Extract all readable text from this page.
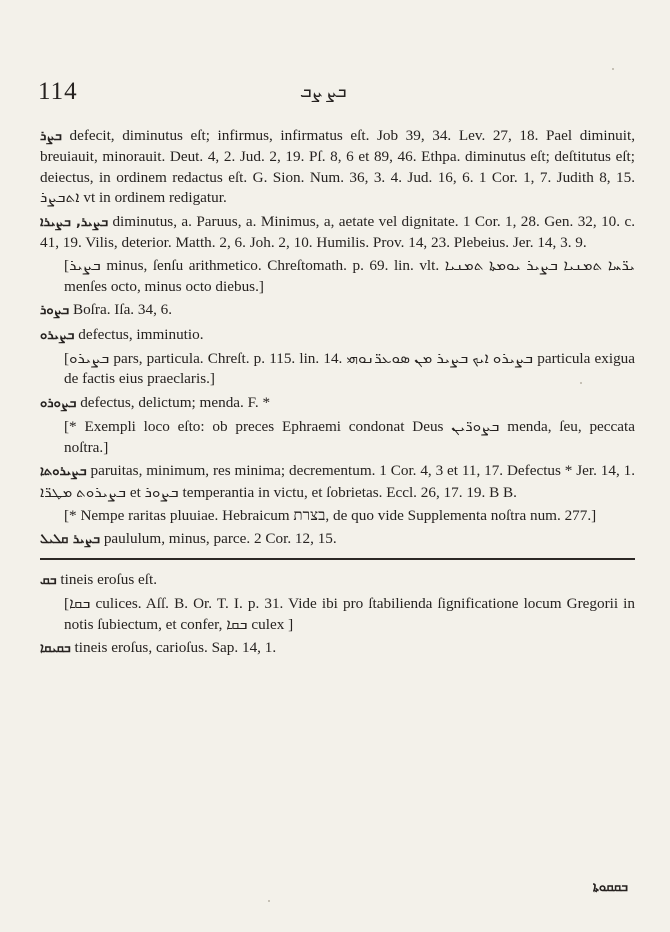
114	ܒܨ ܨܒ

ܒܨܪ defecit, diminutus eſt; infirmus, infirmatus eſt. Job 39, 34. Lev. 27, 18. Pael diminuit, breuiauit, minorauit. Deut. 4, 2. Jud. 2, 19. Pſ. 8, 6 et 89, 46. Ethpa. diminutus eſt; deſtitutus eſt; deiectus, in ordinem redactus eſt. G. Sion. Num. 36, 3. 4. Jud. 16, 6. 1 Cor. 1, 7. Judith 8, 15. ܐܬܒܨܪ vt in ordinem redigatur.

ܒܨܝܪ, ܒܨܝܪܐ diminutus, a. Paruus, a. Minimus, a, aetate vel dignitate. 1 Cor. 1, 28. Gen. 32, 10. c. 41, 19. Vilis, deterior. Matth. 2, 6. Joh. 2, 10. Humilis. Prov. 14, 23. Plebeius. Jer. 14, 3. 9.

[ܒܨܝܪ minus, ſenſu arithmetico. Chreſtomath. p. 69. lin. vlt. ܝܪ̈ܚܐ ܬܡܢܝܐ ܒܨܝܪ ܝܘܡܬܐ ܬܡܢܝܐ menſes octo, minus octo diebus.]

ܒܨܘܪ Boſra. Iſa. 34, 6.

ܒܨܝܪܘ defectus, imminutio.

[ܒܨܝܪܘ pars, particula. Chreſt. p. 115. lin. 14. ܒܨܝܪܘ ܐܝܟ ܒܨܝܪ ܡܢ ܣܘܥܪ̈ܢܘܗܝ particula exigua de factis eius praeclaris.]

ܒܨܘܪܘ defectus, delictum; menda. F. *

[* Exempli loco eſto: ob preces Ephraemi condonat Deus ܒܨܘܪ̈ܝܢ menda, ſeu, peccata noſtra.]

ܒܨܝܪܘܬܐ paruitas, minimum, res minima; decrementum. 1 Cor. 4, 3 et 11, 17. Defectus * Jer. 14, 1. ܒܨܝܪܘܬ ܡܛܪ̈ܐ et ܒܨܘܪ temperantia in victu, et ſobrietas. Eccl. 26, 17. 19. B B.

[* Nempe raritas pluuiae. Hebraicum בצרת, de quo vide Supplementa noſtra num. 277.]

ܒܨܝܪ ܩܠܝܠ paululum, minus, parce. 2 Cor. 12, 15.

ܒܩ tineis eroſus eſt.

[ܒܩܐ culices. Aſſ. B. Or. T. I. p. 31. Vide ibi pro ſtabilienda ſignificatione locum Gregorii in notis ſubiectum, et confer, ܒܩܐ culex ]

ܒܩܝܩܐ tineis eroſus, carioſus. Sap. 14, 1.

ܒܩܩܘܬܐ
